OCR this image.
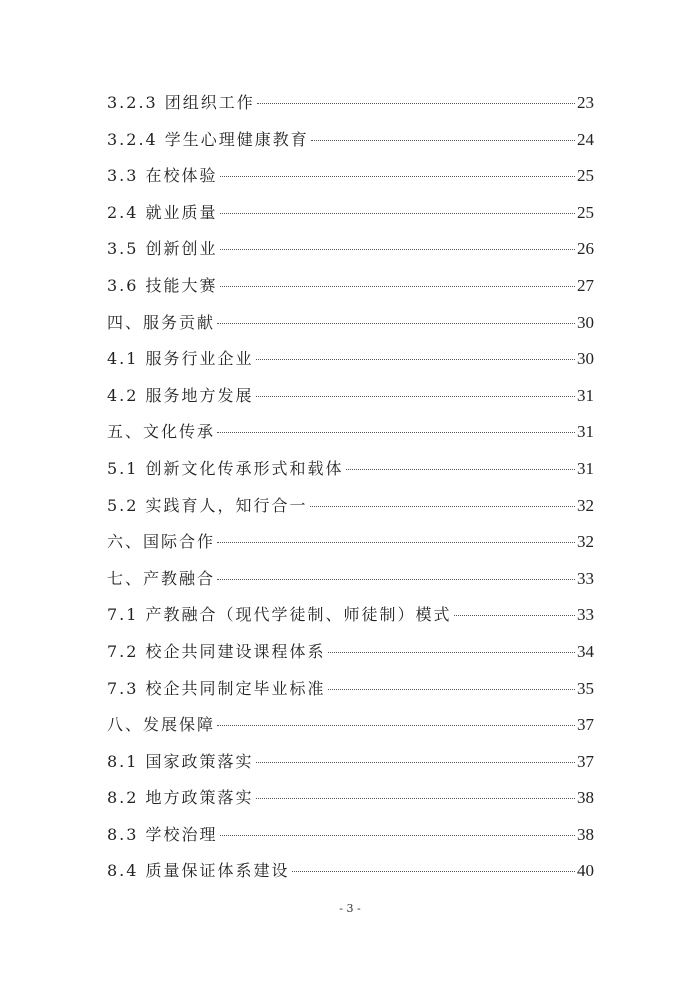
3.2.3 团组织工作	23
3.2.4 学生心理健康教育	24
3.3 在校体验	25
2.4 就业质量	25
3.5 创新创业	26
3.6 技能大赛	27
四、服务贡献	30
4.1 服务行业企业	30
4.2 服务地方发展	31
五、文化传承	31
5.1 创新文化传承形式和载体	31
5.2 实践育人，知行合一	32
六、国际合作	32
七、产教融合	33
7.1 产教融合（现代学徒制、师徒制）模式	33
7.2 校企共同建设课程体系	34
7.3 校企共同制定毕业标准	35
八、发展保障	37
8.1 国家政策落实	37
8.2 地方政策落实	38
8.3 学校治理	38
8.4 质量保证体系建设	40
- 3 -
